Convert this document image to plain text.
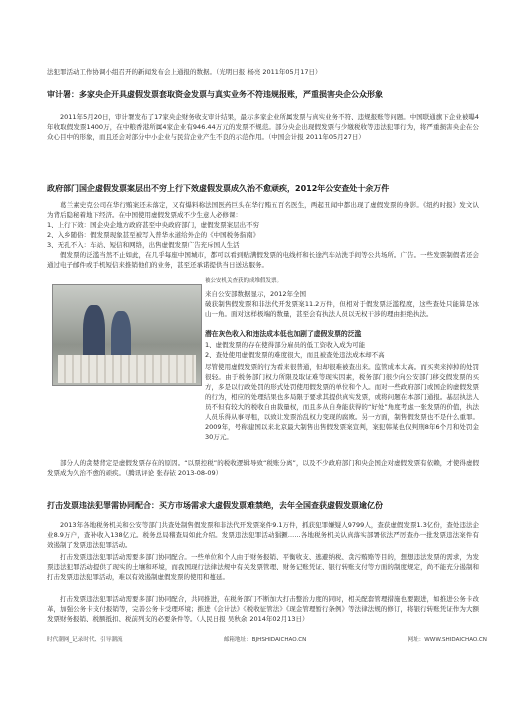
法犯罪活动工作协调小组召开的新闻发布会上通报的数据。（光明日报 杨亮 2011年05月17日）

审计署：多家央企开具虚假发票套取资金发票与真实业务不符违规报账，严重损害央企公众形象

2011年5月20日，审计署发布了17家央企财务收支审计结果，最示多家企业所属发票与真实业务不符、违规报账等问题。中国联通旗下企业被曝4年收取假发票1400万，在中粮香港所属4家企业有946.44万元的发票不规范。部分央企出现假发票与少缴税收等违法犯罪行为，将严重损害央企在公众心目中的形象，而且还会对部分中小企业与民营企业产生不良的示范作用。（中国会计报 2011年05月27日）

政府部门国企虚假发票案层出不穷上行下效虚假发票成久治不愈顽疾，2012年公安查处十余万件

葛兰素史克公司在华行贿案还未落定，又有爆料称法国医药巨头在华行贿五百名医生，两起丑闻中都出现了虚假发票的身影。《纽约时报》发文认为背后隐秘着地下经济。在中国使用虚假发票成不少生意人必修课：

1、上行下效：国企央企地方政府甚至中央政府部门，虚假发票案层出不穷

2、入乡随俗：假发票现象甚至被写入普华永道给外企的《中国税务指南》

3、无孔不入：车站、短信和网络，出售虚假发票广告充斥国人生活

假发票的泛滥当然不止如此，在几乎每座中国城市，都可以看到贴满假发票的电线杆和长途汽车站洗手间等公共场所。广告。一些发票制假者还会通过电子邮件或手机短信来推销他们的业务，甚至还承诺提供当日送达服务。

被公安机关查获的成堆假发票。

来自公安部数据显示，2012年全国

破获制售假发票和非法代开发票案11.2万件，但相对于假发票泛滥程度，这些查处只能算是冰山一角。面对这样极端的数量，甚至会有执法人员以无权干涉的理由拒绝执法。

潜在灰色收入和违法成本低也加剧了虚假发票的泛滥

1、虚假发票的存在使得部分雇员的低工资收入成为可能

2、查处使用虚假发票的难度很大，而且被查处违法成本却不高

尽管使用虚假发票的行为看来很普通，但却很难被查出来。监管成本太高。而买卖来掉掉的处罚很轻。由于税务部门权力所限及取证难等现实因素，税务部门很少向公安部门移交假发票的买方，多是以行政处罚的形式处罚使用假发票的单位和个人。而对一些政府部门或国企的虚假发票的行为，相应的处理结果也多局限于要求其提供真实发票，或将问题在本部门通报。基层执法人员不但有较大的税收自由裁量权，而且多从自身能获得的“好处”角度考虑一张发票的价值，执法人员乐得从事寻租，以致让发票治乱权力变现的腐败。另一方面，制售假发票也不是什么重罪。2009年，号称建国以来北京最大制售出售假发票案宣判，案犯韩某也仅判刑8年6个月和处罚金30万元。

部分人的贪婪背定是虚假发票存在的原因。“以票控税”的税收逻辑导致“税账分离”，以及不少政府部门和央企国企对虚假发票有依赖，才使得虚假发票成为久治不愈的顽疾。（腾讯评论 张春铱 2013-08-09）

打击发票违法犯罪需协同配合：买方市场需求大虚假发票难禁绝，去年全国查获虚假发票逾亿份

2013年各地税务机关和公安等部门共查处制售假发票和非法代开发票案件9.1万件，抓获犯罪嫌疑人9799人，查获虚假发票1.3亿份，查处违法企业8.9万户，查补收入138亿元。税务总局稽查局如此介绍。发票违法犯罪活动猖獗……各地税务机关认真落实部署依法严厉查办一批发票违法案件有效遏制了发票违法犯罪活动。

打击发票违法犯罪活动需要多部门协同配合。一些单位和个人由于财务报销、平衡收支、逃避纳税、贪污贿赂等目的，想想违法发票的需求，为发票违法犯罪活动提供了现实的土壤和环境，而我国现行法律法规中有关发票管理、财务记账凭证、银行转账支付等方面的制度规定，尚不能充分遏制和打击发票违法犯罪活动，难以有效遏制虚假发票的使用和蔓延。

打击发票违法犯罪活动需要多部门协同配合，共同推进，在税务部门不断加大打击整治力度的同时，相关配套管理措施也要跟进，如推进公务卡改革，加强公务卡支付报销等，完善公务卡受理环境；推进《会计法》《税收征管法》《现金管理暂行条例》等法律法规的修订，将银行转账凭证作为大额发票财务报销、税额抵扣、税前列支的必要条件等。（人民日报 吴秋余 2014年02月13日）

时代潮网_记录时代、引导潮流	邮箱地址：BJHSHIDAICHAO.CN	网址：WWW.SHIDAICHAO.CN
